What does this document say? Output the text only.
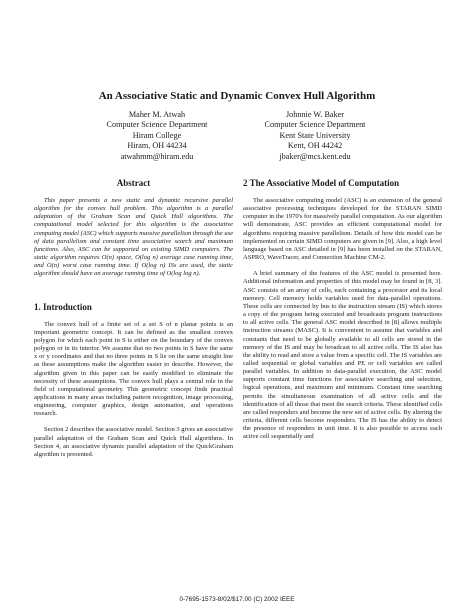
An Associative Static and Dynamic Convex Hull Algorithm
Maher M. Atwah
Computer Science Department
Hiram College
Hiram, OH 44234
atwahmm@hiram.edu
Johnnie W. Baker
Computer Science Department
Kent State University
Kent, OH 44242
jbaker@mcs.kent.edu
Abstract

This paper presents a new static and dynamic recursive parallel algorithm for the convex hull problem. This algorithm is a parallel adaptation of the Graham Scan and Quick Hull algorithms. The computational model selected for this algorithm is the associative computing model (ASC) which supports massive parallelism through the use of data parallelism and constant time associative search and maximum functions. Also, ASC can be supported on existing SIMD computers. The static algorithm requires O(n) space, O(log n) average case running time, and O(n) worst case running time. If O(log n) ISs are used, the static algorithm should have an average running time of O(log log n).

1. Introduction

The convex hull of a finite set of a set S of n planar points is an important geometric concept. It can be defined as the smallest convex polygon for which each point in S is either on the boundary of the convex polygon or in its interior. We assume that no two points in S have the same x or y coordinates and that no three points in S lie on the same straight line as these assumptions make the algorithm easier to describe. However, the algorithm given in this paper can be easily modified to eliminate the necessity of these assumptions. The convex hull plays a central role in the field of computational geometry. This geometric concept finds practical applications in many areas including pattern recognition, image processing, engineering, computer graphics, design automation, and operations research.

Section 2 describes the associative model. Section 3 gives an associative parallel adaptation of the Graham Scan and Quick Hull algorithms. In Section 4, an associative dynamic parallel adaptation of the QuickGraham algorithm is presented.

2 The Associative Model of Computation

The associative computing model (ASC) is an extension of the general associative processing techniques developed for the STARAN SIMD computer in the 1970's for massively parallel computation. As our algorithm will demonstrate, ASC provides an efficient computational model for algorithms requiring massive parallelism. Details of how this model can be implemented on certain SIMD computers are given in [9]. Also, a high level language based on ASC detailed in [9] has been installed on the STARAN, ASPRO, WaveTracer, and Connection Machine CM-2.

A brief summary of the features of the ASC model is presented here. Additional information and properties of this model may be found in [8, 3]. ASC consists of an array of cells, each containing a processor and its local memory. Cell memory holds variables used for data-parallel operations. These cells are connected by bus to the instruction stream (IS) which stores a copy of the program being executed and broadcasts program instructions to all active cells. The general ASC model described in [8] allows multiple instruction streams (MASC). It is convenient to assume that variables and constants that need to be globally available to all cells are stored in the memory of the IS and may be broadcast to all active cells. The IS also has the ability to read and store a value from a specific cell. The IS variables are called sequential or global variables and PE or cell variables are called parallel variables. In addition to data-parallel execution, the ASC model supports constant time functions for associative searching and selection, logical operations, and maximum and minimum. Constant time searching permits the simultaneous examination of all active cells and the identification of all those that meet the search criteria. These identified cells are called responders and become the new set of active cells. By altering the criteria, different cells become responders. The IS has the ability to detect the presence of responders in unit time. It is also possible to access each active cell sequentially and

0-7695-1573-8/02/$17.00 (C) 2002 IEEE
